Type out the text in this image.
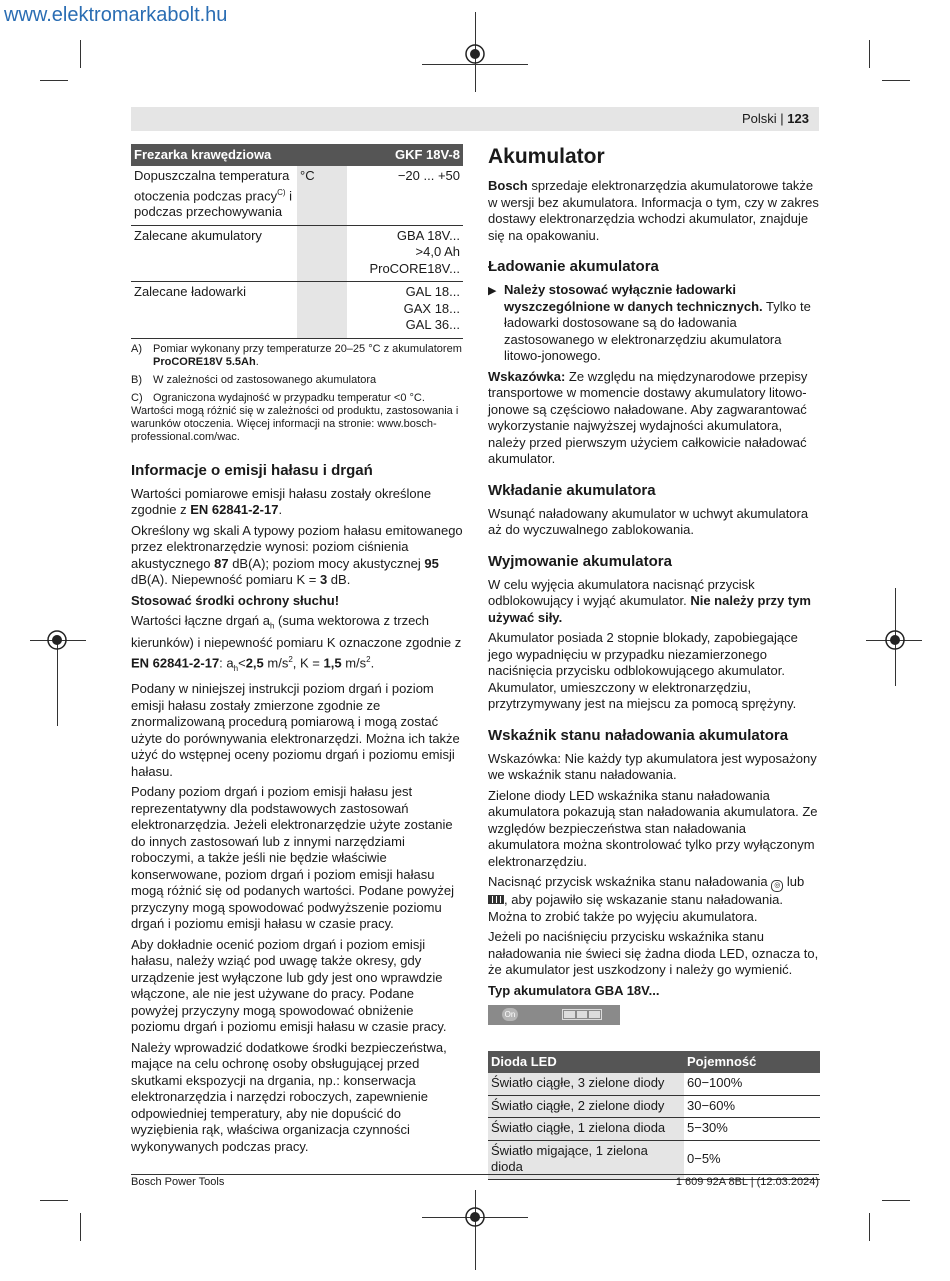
www.elektromarkabolt.hu
Polski | 123
Frezarka krawędziowa		GKF 18V-8
Dopuszczalna temperatura otoczenia podczas pracy$^{C)}$ i podczas przechowywania	°C	−20 ... +50

Zalecane akumulatory		GBA 18V...
>4,0 Ah
ProCORE18V...

Zalecane ładowarki		GAL 18...
GAX 18...
GAL 36...
A)	Pomiar wykonany przy temperaturze 20–25 °C z akumulatorem ProCORE18V 5.5Ah.
B)	W zależności od zastosowanego akumulatora
C) Ograniczona wydajność w przypadku temperatur <0 °C.
Wartości mogą różnić się w zależności od produktu, zastosowania i warunków otoczenia. Więcej informacji na stronie: www.bosch-professional.com/wac.
Informacje o emisji hałasu i drgań

Wartości pomiarowe emisji hałasu zostały określone zgodnie z EN 62841-2-17.

Określony wg skali A typowy poziom hałasu emitowanego przez elektronarzędzie wynosi: poziom ciśnienia akustycznego 87 dB(A); poziom mocy akustycznej 95 dB(A). Niepewność pomiaru K = 3 dB.

Stosować środki ochrony słuchu!

Wartości łączne drgań $a_h$ (suma wektorowa z trzech kierunków) i niepewność pomiaru K oznaczone zgodnie z EN 62841-2-17: $a_h<2,5$ $m/s^2$, K = 1,5 $m/s^2$.

Podany w niniejszej instrukcji poziom drgań i poziom emisji hałasu zostały zmierzone zgodnie ze znormalizowaną procedurą pomiarową i mogą zostać użyte do porównywania elektronarzędzi. Można ich także użyć do wstępnej oceny poziomu drgań i poziomu emisji hałasu.

Podany poziom drgań i poziom emisji hałasu jest reprezentatywny dla podstawowych zastosowań elektronarzędzia. Jeżeli elektronarzędzie użyte zostanie do innych zastosowań lub z innymi narzędziami roboczymi, a także jeśli nie będzie właściwie konserwowane, poziom drgań i poziom emisji hałasu mogą różnić się od podanych wartości. Podane powyżej przyczyny mogą spowodować podwyższenie poziomu drgań i poziomu emisji hałasu w czasie pracy.

Aby dokładnie ocenić poziom drgań i poziom emisji hałasu, należy wziąć pod uwagę także okresy, gdy urządzenie jest wyłączone lub gdy jest ono wprawdzie włączone, ale nie jest używane do pracy. Podane powyżej przyczyny mogą spowodować obniżenie poziomu drgań i poziomu emisji hałasu w czasie pracy.

Należy wprowadzić dodatkowe środki bezpieczeństwa, mające na celu ochronę osoby obsługującej przed skutkami ekspozycji na drgania, np.: konserwacja elektronarzędzia i narzędzi roboczych, zapewnienie odpowiedniej temperatury, aby nie dopuścić do wyziębienia rąk, właściwa organizacja czynności wykonywanych podczas pracy.

Akumulator

Bosch sprzedaje elektronarzędzia akumulatorowe także w wersji bez akumulatora. Informacja o tym, czy w zakres dostawy elektronarzędzia wchodzi akumulator, znajduje się na opakowaniu.

Ładowanie akumulatora
▶ Należy stosować wyłącznie ładowarki wyszczególnione w danych technicznych. Tylko te ładowarki dostosowane są do ładowania zastosowanego w elektronarzędziu akumulatora litowo-jonowego.

Wskazówka: Ze względu na międzynarodowe przepisy transportowe w momencie dostawy akumulatory litowo-jonowe są częściowo naładowane. Aby zagwarantować wykorzystanie najwyższej wydajności akumulatora, należy przed pierwszym użyciem całkowicie naładować akumulator.

Wkładanie akumulatora

Wsunąć naładowany akumulator w uchwyt akumulatora aż do wyczuwalnego zablokowania.

Wyjmowanie akumulatora

W celu wyjęcia akumulatora nacisnąć przycisk odblokowujący i wyjąć akumulator. Nie należy przy tym używać siły.

Akumulator posiada 2 stopnie blokady, zapobiegające jego wypadnięciu w przypadku niezamierzonego naciśnięcia przycisku odblokowującego akumulator. Akumulator, umieszczony w elektronarzędziu, przytrzymywany jest na miejscu za pomocą sprężyny.

Wskaźnik stanu naładowania akumulatora

Wskazówka: Nie każdy typ akumulatora jest wyposażony we wskaźnik stanu naładowania.

Zielone diody LED wskaźnika stanu naładowania akumulatora pokazują stan naładowania akumulatora. Ze względów bezpieczeństwa stan naładowania akumulatora można skontrolować tylko przy wyłączonym elektronarzędziu.

Nacisnąć przycisk wskaźnika stanu naładowania ◎ lub , aby pojawiło się wskazanie stanu naładowania. Można to zrobić także po wyjęciu akumulatora.

Jeżeli po naciśnięciu przycisku wskaźnika stanu naładowania nie świeci się żadna dioda LED, oznacza to, że akumulator jest uszkodzony i należy go wymienić.

Typ akumulatora GBA 18V...

On
Dioda LED	Pojemność
Światło ciągłe, 3 zielone diody	60−100%
Światło ciągłe, 2 zielone diody	30−60%
Światło ciągłe, 1 zielona dioda	5−30%
Światło migające, 1 zielona dioda	0−5%
Bosch Power Tools	1 609 92A 8BL | (12.03.2024)
